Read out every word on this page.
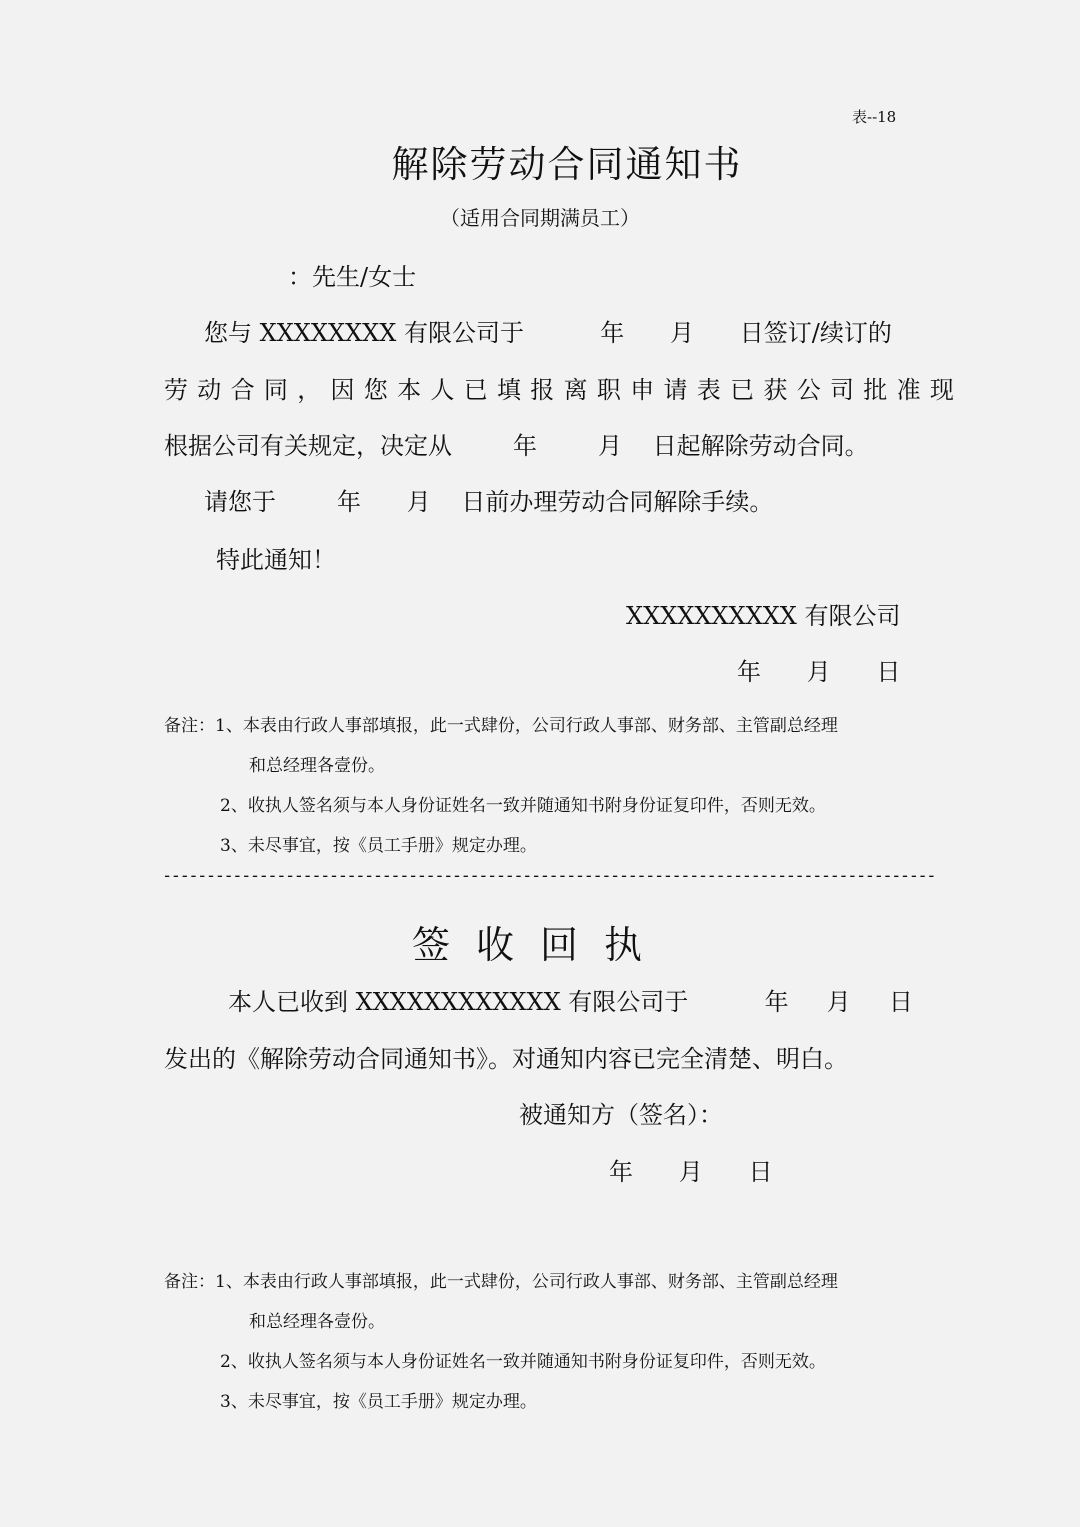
表--18
解除劳动合同通知书
（适用合同期满员工）
：先生/女士
您与 XXXXXXXX 有限公司于          年      月      日签订/续订的
劳动合同，因您本人已填报离职申请表已获公司批准现
根据公司有关规定，决定从        年        月    日起解除劳动合同。
请您于        年      月    日前办理劳动合同解除手续。
特此通知！
XXXXXXXXXX 有限公司
年      月      日
备注：1、本表由行政人事部填报，此一式肆份，公司行政人事部、财务部、主管副总经理
和总经理各壹份。
2、收执人签名须与本人身份证姓名一致并随通知书附身份证复印件，否则无效。
3、未尽事宜，按《员工手册》规定办理。
----------------------------------------------------------------------------------------
签收回执
本人已收到 XXXXXXXXXXXX 有限公司于          年     月     日
发出的《解除劳动合同通知书》。对通知内容已完全清楚、明白。
被通知方（签名）：
年      月      日
备注：1、本表由行政人事部填报，此一式肆份，公司行政人事部、财务部、主管副总经理
和总经理各壹份。
2、收执人签名须与本人身份证姓名一致并随通知书附身份证复印件，否则无效。
3、未尽事宜，按《员工手册》规定办理。
